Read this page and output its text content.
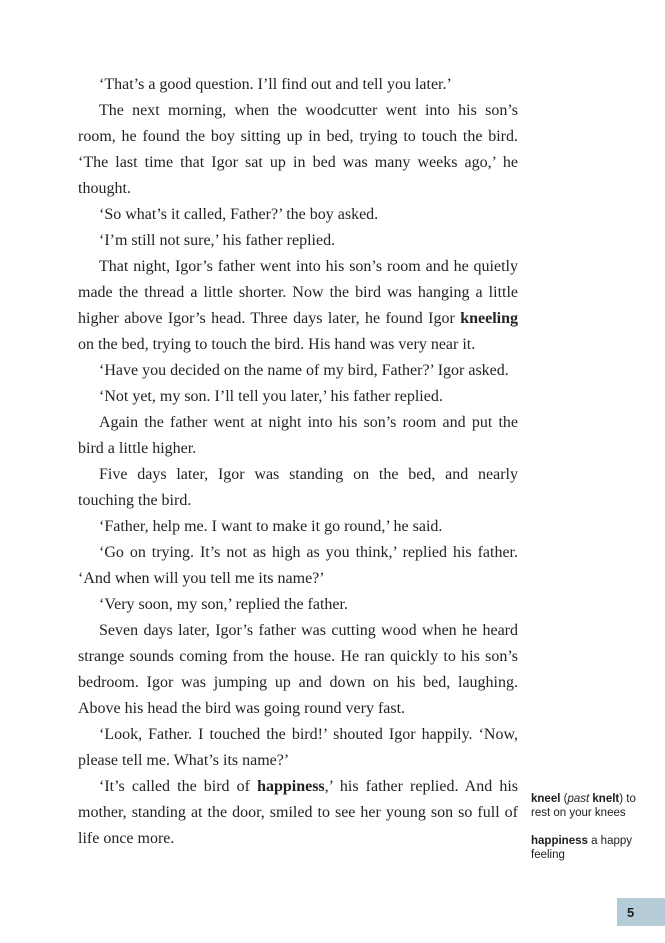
‘That’s a good question. I’ll find out and tell you later.’

The next morning, when the woodcutter went into his son’s room, he found the boy sitting up in bed, trying to touch the bird. ‘The last time that Igor sat up in bed was many weeks ago,’ he thought.

‘So what’s it called, Father?’ the boy asked.

‘I’m still not sure,’ his father replied.

That night, Igor’s father went into his son’s room and he quietly made the thread a little shorter. Now the bird was hanging a little higher above Igor’s head. Three days later, he found Igor kneeling on the bed, trying to touch the bird. His hand was very near it.

‘Have you decided on the name of my bird, Father?’ Igor asked.

‘Not yet, my son. I’ll tell you later,’ his father replied.

Again the father went at night into his son’s room and put the bird a little higher.

Five days later, Igor was standing on the bed, and nearly touching the bird.

‘Father, help me. I want to make it go round,’ he said.

‘Go on trying. It’s not as high as you think,’ replied his father. ‘And when will you tell me its name?’

‘Very soon, my son,’ replied the father.

Seven days later, Igor’s father was cutting wood when he heard strange sounds coming from the house. He ran quickly to his son’s bedroom. Igor was jumping up and down on his bed, laughing. Above his head the bird was going round very fast.

‘Look, Father. I touched the bird!’ shouted Igor happily. ‘Now, please tell me. What’s its name?’

‘It’s called the bird of happiness,’ his father replied. And his mother, standing at the door, smiled to see her young son so full of life once more.

kneel (past knelt) to rest on your knees

happiness a happy feeling

5
